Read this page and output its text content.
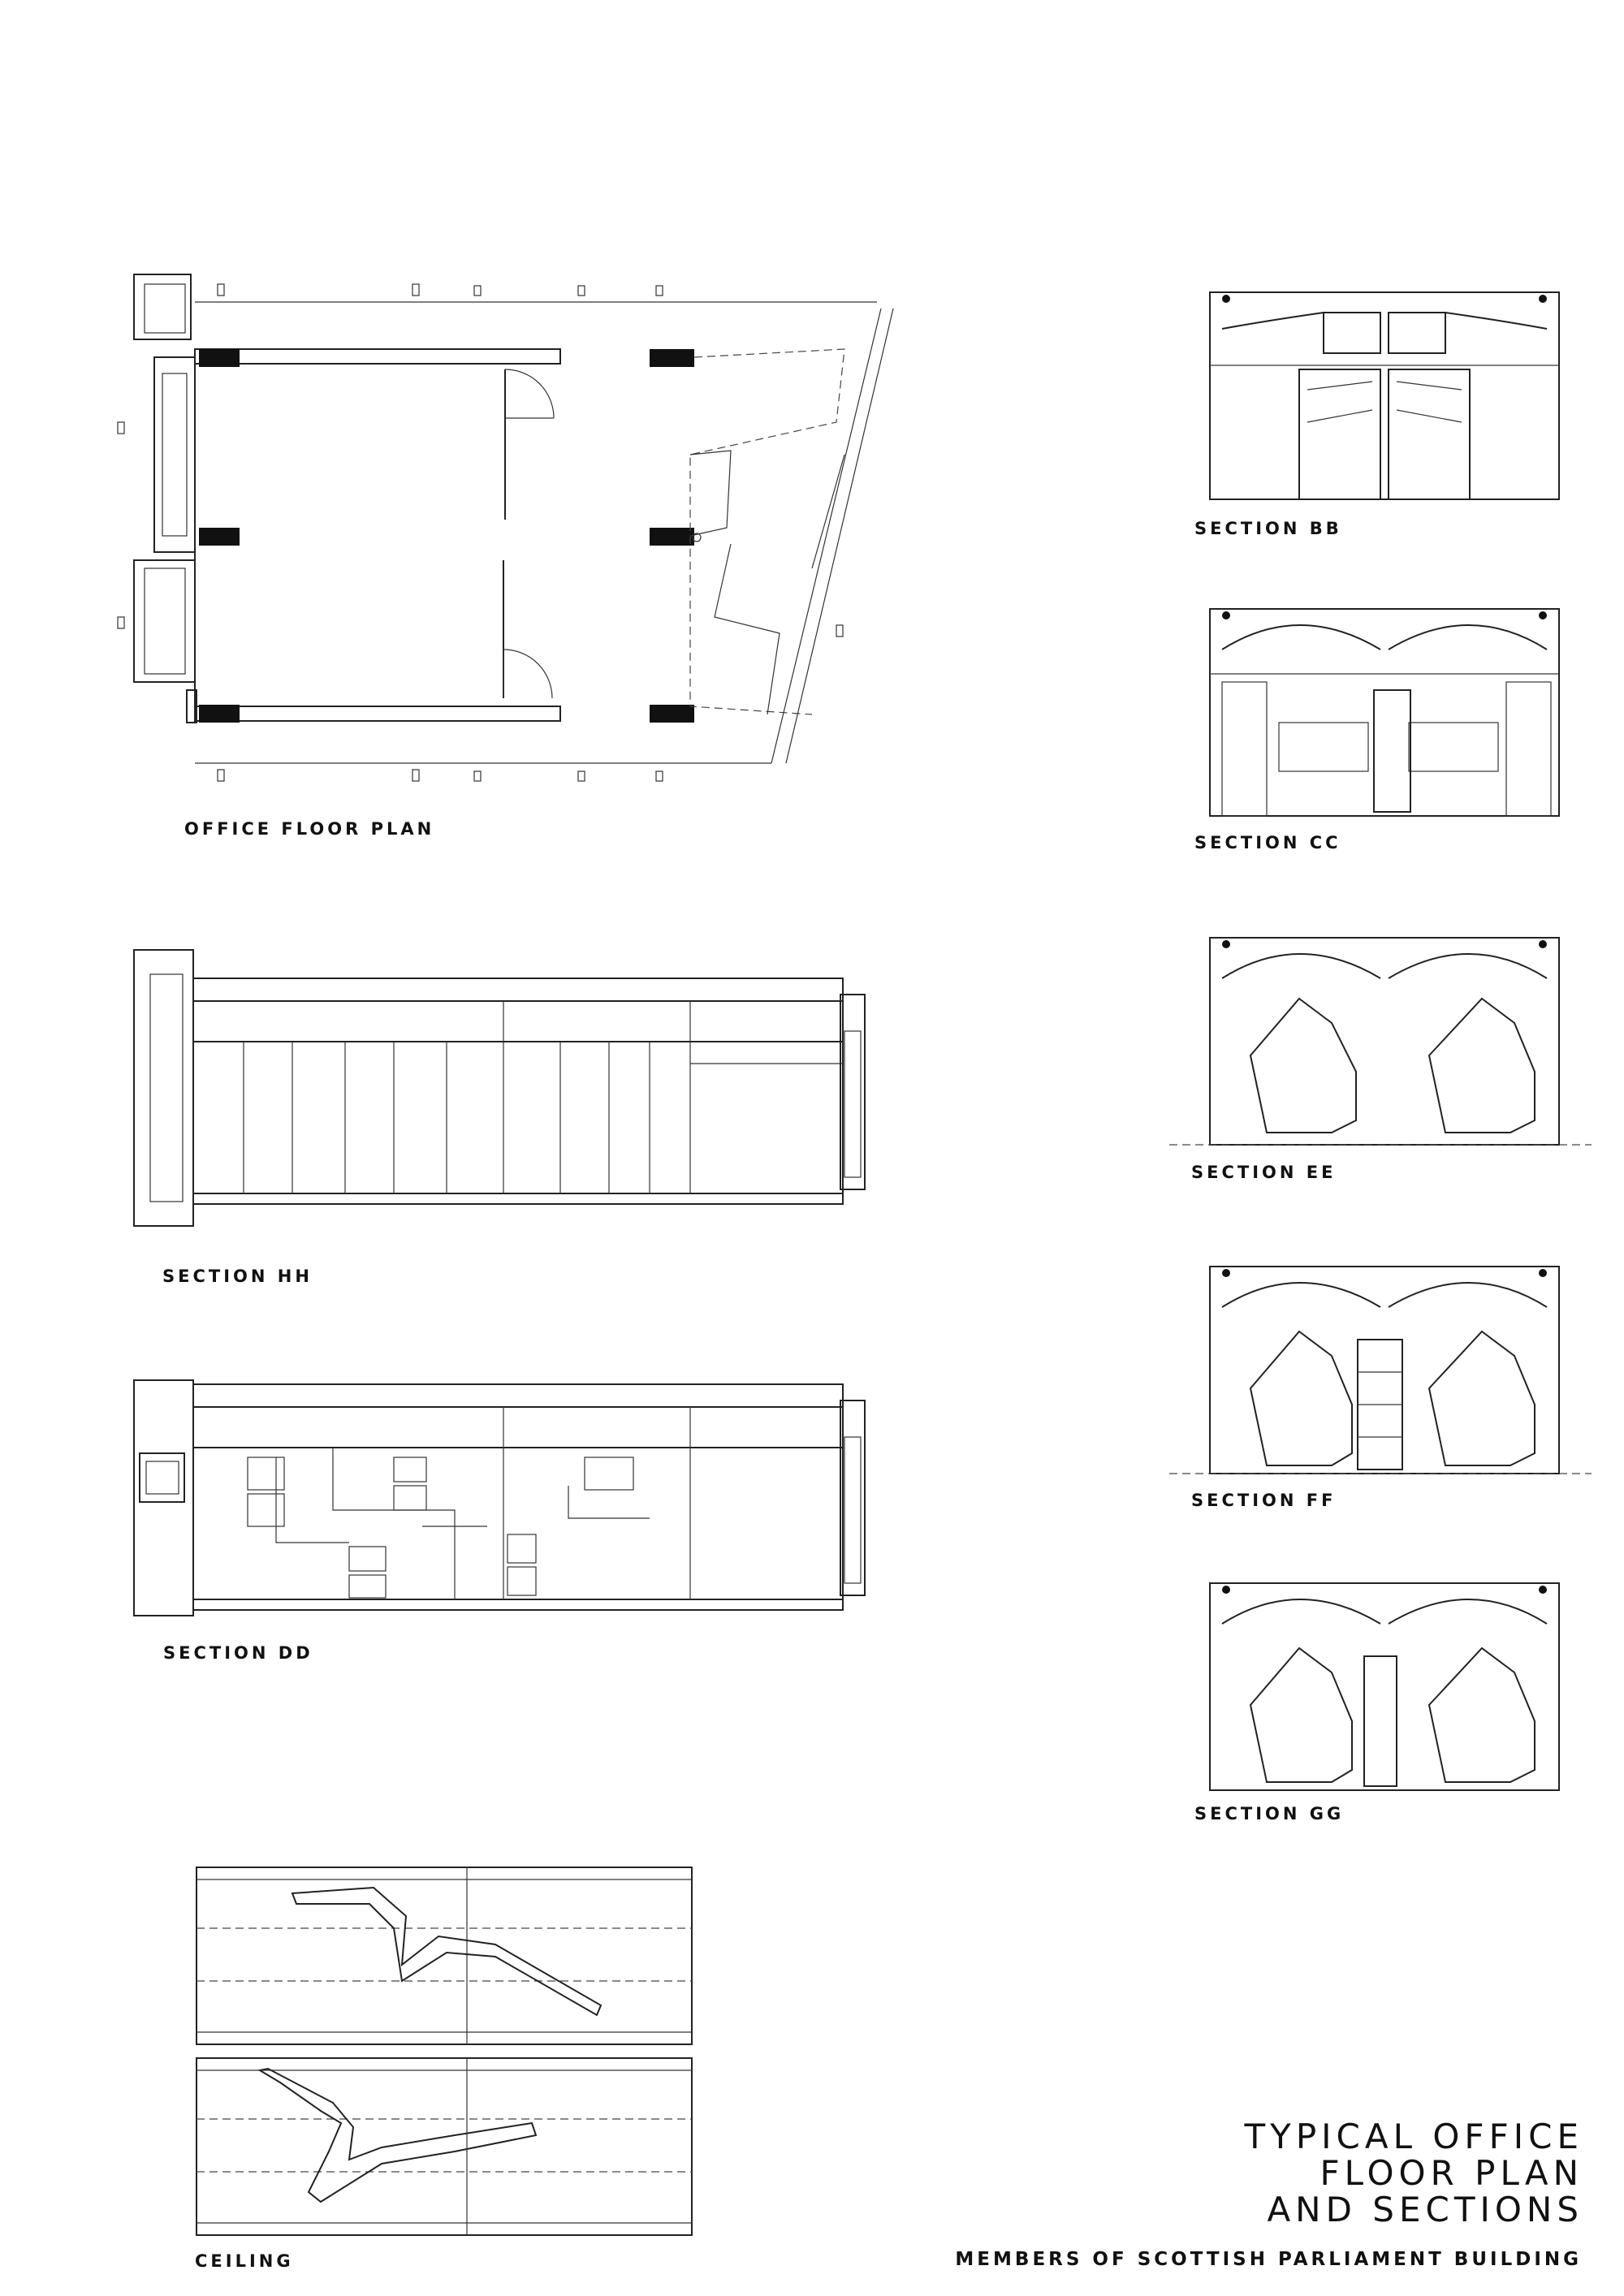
OFFICE FLOOR PLAN
SECTION HH
SECTION DD
CEILING
SECTION BB
SECTION CC
SECTION EE
SECTION FF
SECTION GG
TYPICAL OFFICE
FLOOR PLAN
AND SECTIONS
MEMBERS OF SCOTTISH PARLIAMENT BUILDING
